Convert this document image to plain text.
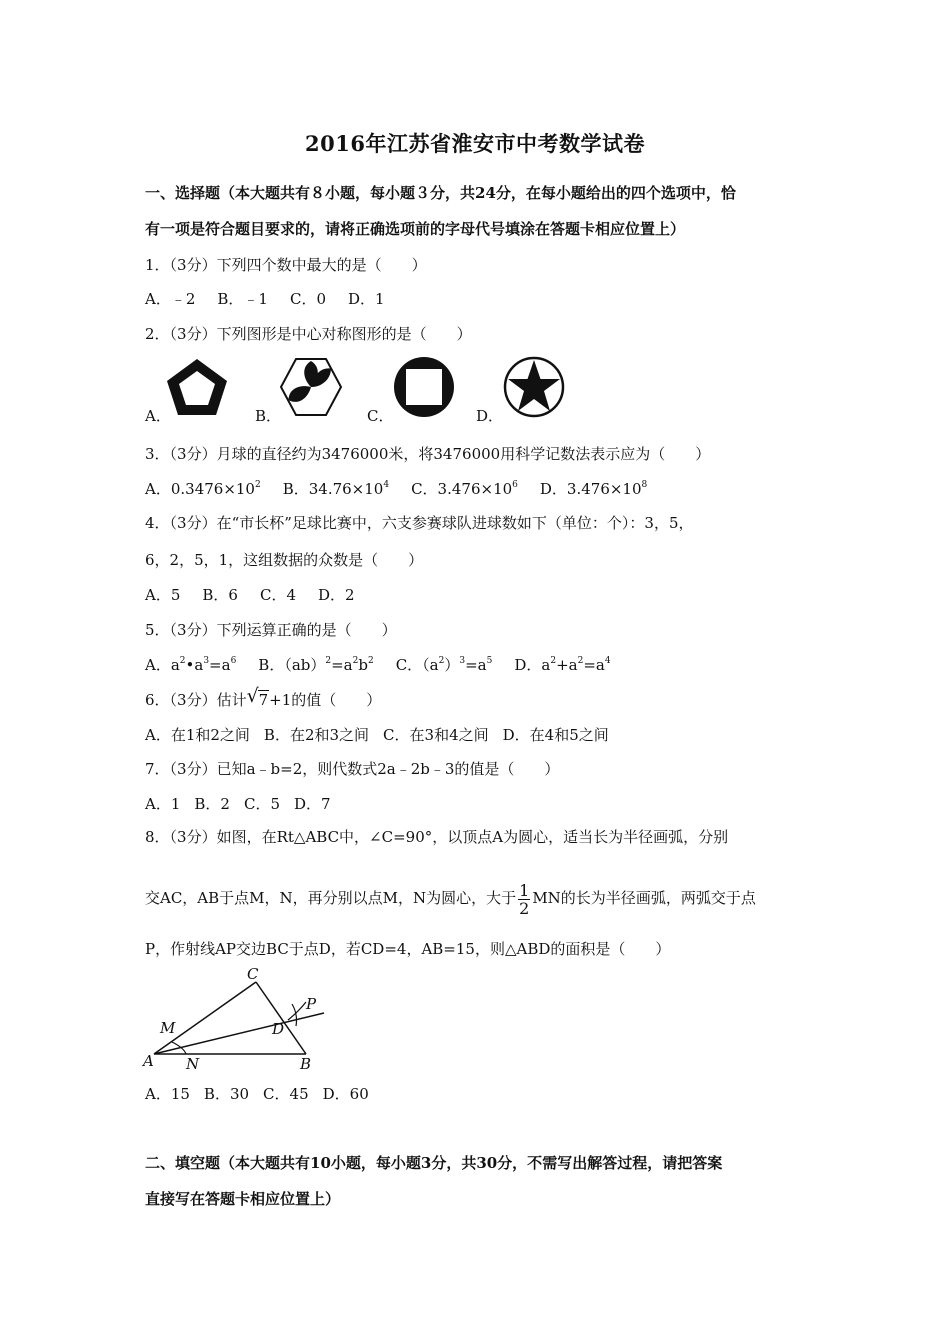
2016年江苏省淮安市中考数学试卷
一、选择题（本大题共有８小题，每小题３分，共24分，在每小题给出的四个选项中，恰
有一项是符合题目要求的，请将正确选项前的字母代号填涂在答题卡相应位置上）
1．（3分）下列四个数中最大的是（　　）
A．﹣2 B．﹣1 C．0 D．1
2．（3分）下列图形是中心对称图形的是（　　）
A．	B．	C．	D．
3．（3分）月球的直径约为3476000米，将3476000用科学记数法表示应为（　　）
A．$0.3476\times 10^2$ B．$34.76\times 10^4$ C．$3.476\times 10^6$ D．$3.476\times 10^8$
4．（3分）在“市长杯”足球比赛中，六支参赛球队进球数如下（单位：个）：3，5，
6，2，5，1，这组数据的众数是（　　）
A．5 B．6 C．4 D．2
5．（3分）下列运算正确的是（　　）
A．$a^2•a^3=a^6$ B．$(ab)^2=a^2b^2$ C．$(a^2)^3=a^5$ D．$a^2+a^2=a^4$
6．（3分）估计 √ 7+1的值（　　）
A．在1和2之间 B．在2和3之间 C．在3和4之间 D．在4和5之间
7．（3分）已知a﹣b=2，则代数式2a﹣2b﹣3的值是（　　）
A．1 B．2 C．5 D．7
8．（3分）如图，在Rt△ABC中，∠C=90°，以顶点A为圆心，适当长为半径画弧，分别
交AC，AB于点M，N，再分别以点M，N为圆心，大于 $\frac{1}{2}$ MN的长为半径画弧，两弧交于点
P，作射线AP交边BC于点D，若CD=4，AB=15，则△ABD的面积是（　　）
C
P
M	D
A N	B
A．15 B．30 C．45 D．60
二、填空题（本大题共有10小题，每小题3分，共30分，不需写出解答过程，请把答案
直接写在答题卡相应位置上）
